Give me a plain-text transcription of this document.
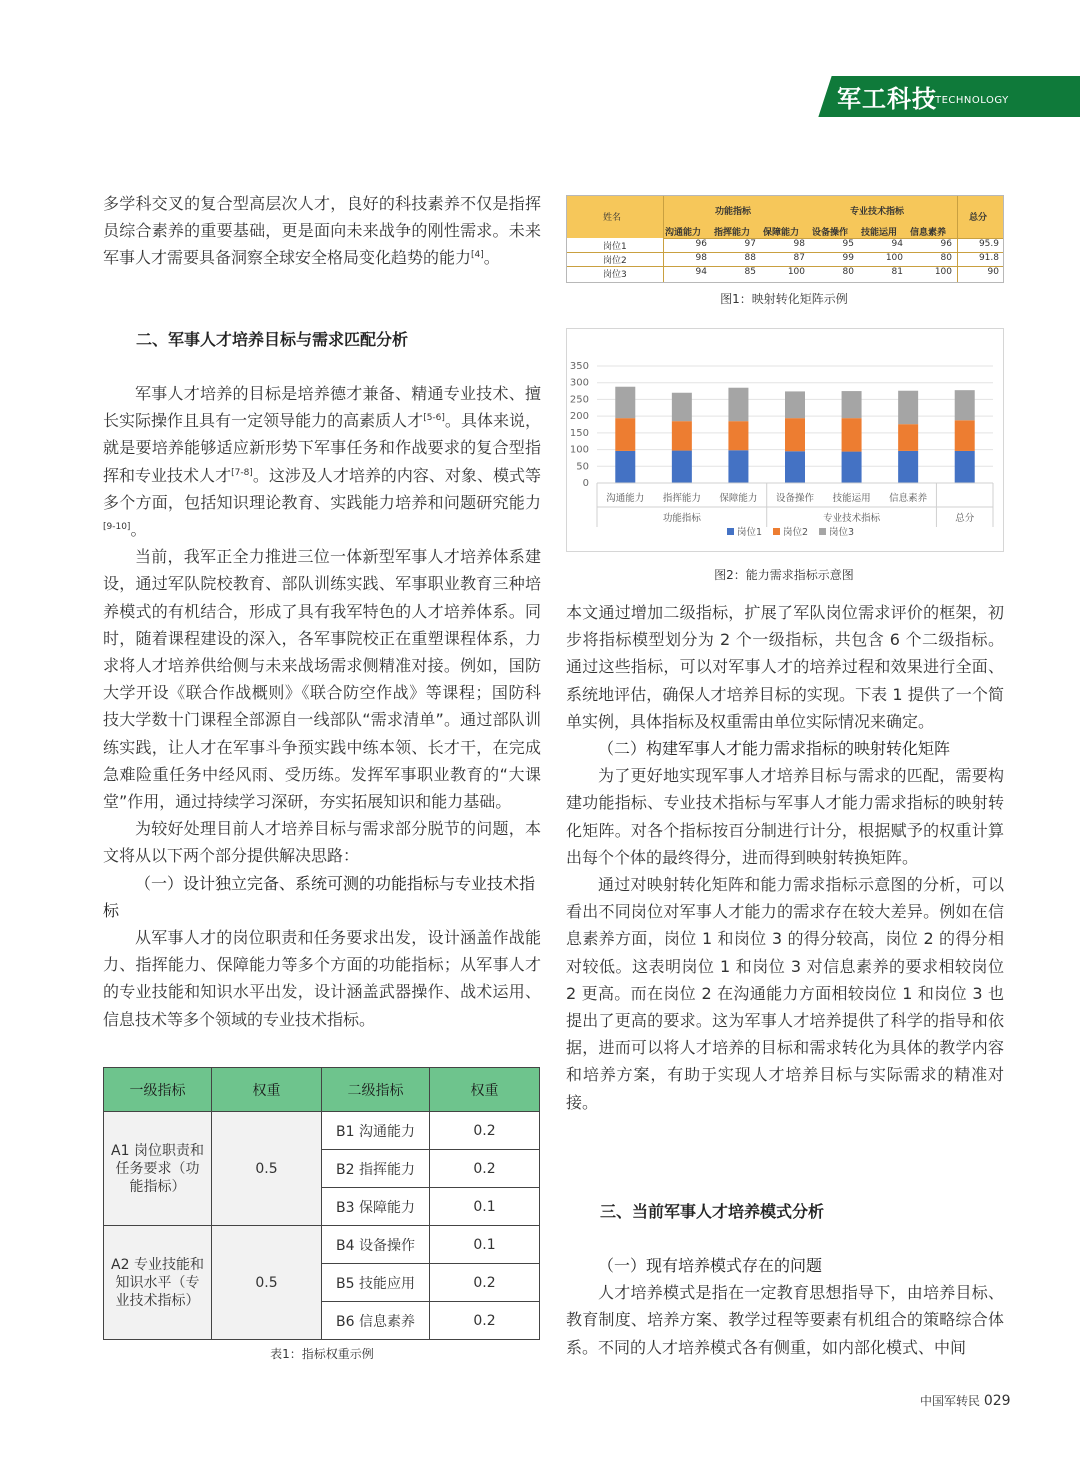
军工科技
TECHNOLOGY

多学科交叉的复合型高层次人才，良好的科技素养不仅是指挥员综合素养的重要基础，更是面向未来战争的刚性需求。未来军事人才需要具备洞察全球安全格局变化趋势的能力[4]。

二、军事人才培养目标与需求匹配分析

军事人才培养的目标是培养德才兼备、精通专业技术、擅长实际操作且具有一定领导能力的高素质人才[5-6]。具体来说，就是要培养能够适应新形势下军事任务和作战要求的复合型指挥和专业技术人才[7-8]。这涉及人才培养的内容、对象、模式等多个方面，包括知识理论教育、实践能力培养和问题研究能力[9-10]。

当前，我军正全力推进三位一体新型军事人才培养体系建设，通过军队院校教育、部队训练实践、军事职业教育三种培养模式的有机结合，形成了具有我军特色的人才培养体系。同时，随着课程建设的深入，各军事院校正在重塑课程体系，力求将人才培养供给侧与未来战场需求侧精准对接。例如，国防大学开设《联合作战概则》《联合防空作战》等课程；国防科技大学数十门课程全部源自一线部队“需求清单”。通过部队训练实践，让人才在军事斗争预实践中练本领、长才干，在完成急难险重任务中经风雨、受历练。发挥军事职业教育的“大课堂”作用，通过持续学习深研，夯实拓展知识和能力基础。

为较好处理目前人才培养目标与需求部分脱节的问题，本文将从以下两个部分提供解决思路：

（一）设计独立完备、系统可测的功能指标与专业技术指标

从军事人才的岗位职责和任务要求出发，设计涵盖作战能力、指挥能力、保障能力等多个方面的功能指标；从军事人才的专业技能和知识水平出发，设计涵盖武器操作、战术运用、信息技术等多个领域的专业技术指标。

一级指标	权重	二级指标	权重
A1 岗位职责和任务要求（功能指标）	0.5	B1 沟通能力	0.2
		B2 指挥能力	0.2
		B3 保障能力	0.1
A2 专业技能和知识水平（专业技术指标）	0.5	B4 设备操作	0.1
		B5 技能应用	0.2
		B6 信息素养	0.2
表1：指标权重示例
姓名
功能指标	专业技术指标
总分
沟通能力 指挥能力 保障能力 设备操作 技能运用 信息素养
岗位1	96	97	98	95	94	96	95.9
岗位2	98	88	87	99	100	80	91.8
岗位3	94	85	100	80	81	100	90
图1：映射转化矩阵示例
0
50
100
150
200
250
300
350
沟通能力 指挥能力 保障能力 设备操作 技能运用 信息素养
功能指标	专业技术指标	总分
岗位1 岗位2 岗位3
图2：能力需求指标示意图

本文通过增加二级指标，扩展了军队岗位需求评价的框架，初步将指标模型划分为 2 个一级指标，共包含 6 个二级指标。通过这些指标，可以对军事人才的培养过程和效果进行全面、系统地评估，确保人才培养目标的实现。下表 1 提供了一个简单实例，具体指标及权重需由单位实际情况来确定。

（二）构建军事人才能力需求指标的映射转化矩阵

为了更好地实现军事人才培养目标与需求的匹配，需要构建功能指标、专业技术指标与军事人才能力需求指标的映射转化矩阵。对各个指标按百分制进行计分，根据赋予的权重计算出每个个体的最终得分，进而得到映射转换矩阵。

通过对映射转化矩阵和能力需求指标示意图的分析，可以看出不同岗位对军事人才能力的需求存在较大差异。例如在信息素养方面，岗位 1 和岗位 3 的得分较高，岗位 2 的得分相对较低。这表明岗位 1 和岗位 3 对信息素养的要求相较岗位 2 更高。而在岗位 2 在沟通能力方面相较岗位 1 和岗位 3 也提出了更高的要求。这为军事人才培养提供了科学的指导和依据，进而可以将人才培养的目标和需求转化为具体的教学内容和培养方案，有助于实现人才培养目标与实际需求的精准对接。

三、当前军事人才培养模式分析

（一）现有培养模式存在的问题

人才培养模式是指在一定教育思想指导下，由培养目标、教育制度、培养方案、教学过程等要素有机组合的策略综合体系。不同的人才培养模式各有侧重，如内部化模式、中间

中国军转民 029
